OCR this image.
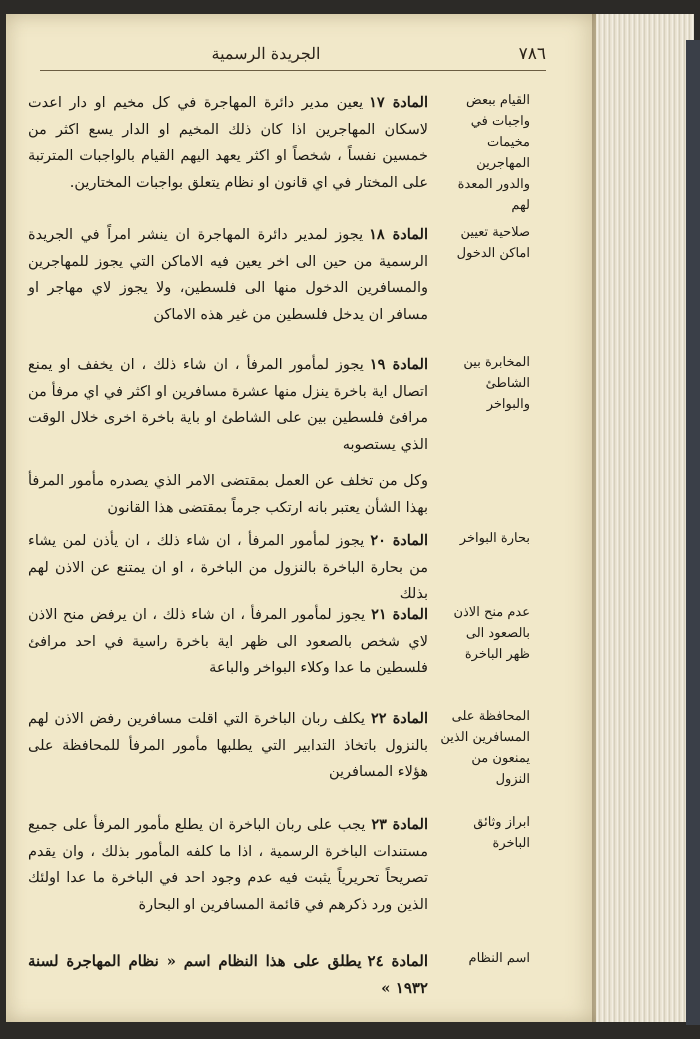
٧٨٦
الجريدة الرسمية
القيام ببعض واجبات في مخيمات المهاجرين والدور المعدة لهم
المادة ١٧يعين مدير دائرة المهاجرة في كل مخيم او دار اعدت لاسكان المهاجرين اذا كان ذلك المخيم او الدار يسع اكثر من خمسين نفساً ، شخصاً او اكثر يعهد اليهم القيام بالواجبات المترتبة على المختار في اي قانون او نظام يتعلق بواجبات المختارين.
صلاحية تعيين اماكن الدخول
المادة ١٨يجوز لمدير دائرة المهاجرة ان ينشر امراً في الجريدة الرسمية من حين الى اخر يعين فيه الاماكن التي يجوز للمهاجرين والمسافرين الدخول منها الى فلسطين، ولا يجوز لاي مهاجر او مسافر ان يدخل فلسطين من غير هذه الاماكن
المخابرة بين الشاطئ والبواخر
المادة ١٩يجوز لمأمور المرفأ ، ان شاء ذلك ، ان يخفف او يمنع اتصال اية باخرة ينزل منها عشرة مسافرين او اكثر في اي مرفأ من مرافئ فلسطين بين على الشاطئ او باية باخرة اخرى خلال الوقت الذي يستصوبه
وكل من تخلف عن العمل بمقتضى الامر الذي يصدره مأمور المرفأ بهذا الشأن يعتبر بانه ارتكب جرماً بمقتضى هذا القانون
بحارة البواخر
المادة ٢٠يجوز لمأمور المرفأ ، ان شاء ذلك ، ان يأذن لمن يشاء من بحارة الباخرة بالنزول من الباخرة ، او ان يمتنع عن الاذن لهم بذلك
عدم منح الاذن بالصعود الى ظهر الباخرة
المادة ٢١يجوز لمأمور المرفأ ، ان شاء ذلك ، ان يرفض منح الاذن لاي شخص بالصعود الى ظهر اية باخرة راسية في احد مرافئ فلسطين ما عدا وكلاء البواخر والباعة
المحافظة على المسافرين الذين يمنعون من النزول
المادة ٢٢يكلف ربان الباخرة التي اقلت مسافرين رفض الاذن لهم بالنزول باتخاذ التدابير التي يطلبها مأمور المرفأ للمحافظة على هؤلاء المسافرين
ابراز وثائق الباخرة
المادة ٢٣يجب على ربان الباخرة ان يطلع مأمور المرفأ على جميع مستندات الباخرة الرسمية ، اذا ما كلفه المأمور بذلك ، وان يقدم تصريحاً تحريرياً يثبت فيه عدم وجود احد في الباخرة ما عدا اولئك الذين ورد ذكرهم في قائمة المسافرين او البحارة
اسم النظام
المادة ٢٤يطلق على هذا النظام اسم « نظام المهاجرة لسنة ١٩٣٢ »
